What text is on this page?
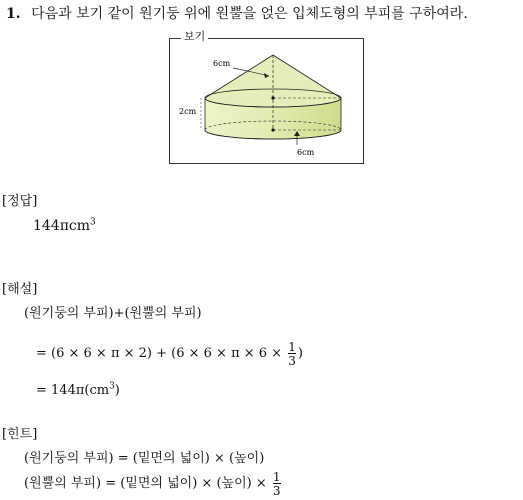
1. 다음과 보기 같이 원기둥 위에 원뿔을 얹은 입체도형의 부피를 구하여라.
보기
6cm
2cm
6cm
[정답]
144πcm$^3$
[해설]
(원기둥의 부피)+(원뿔의 부피)
= $(6 \times 6 \times \pi \times 2) + (6 \times 6 \times \pi \times 6 \times \frac{1}{3}$ )
= $144\pi(cm^3)$
[힌트]
(원기둥의 부피) = (밑면의 넓이) × (높이)
(원뿔의 부피) = (밑면의 넓이) × (높이) × $\frac{1}{3}$
